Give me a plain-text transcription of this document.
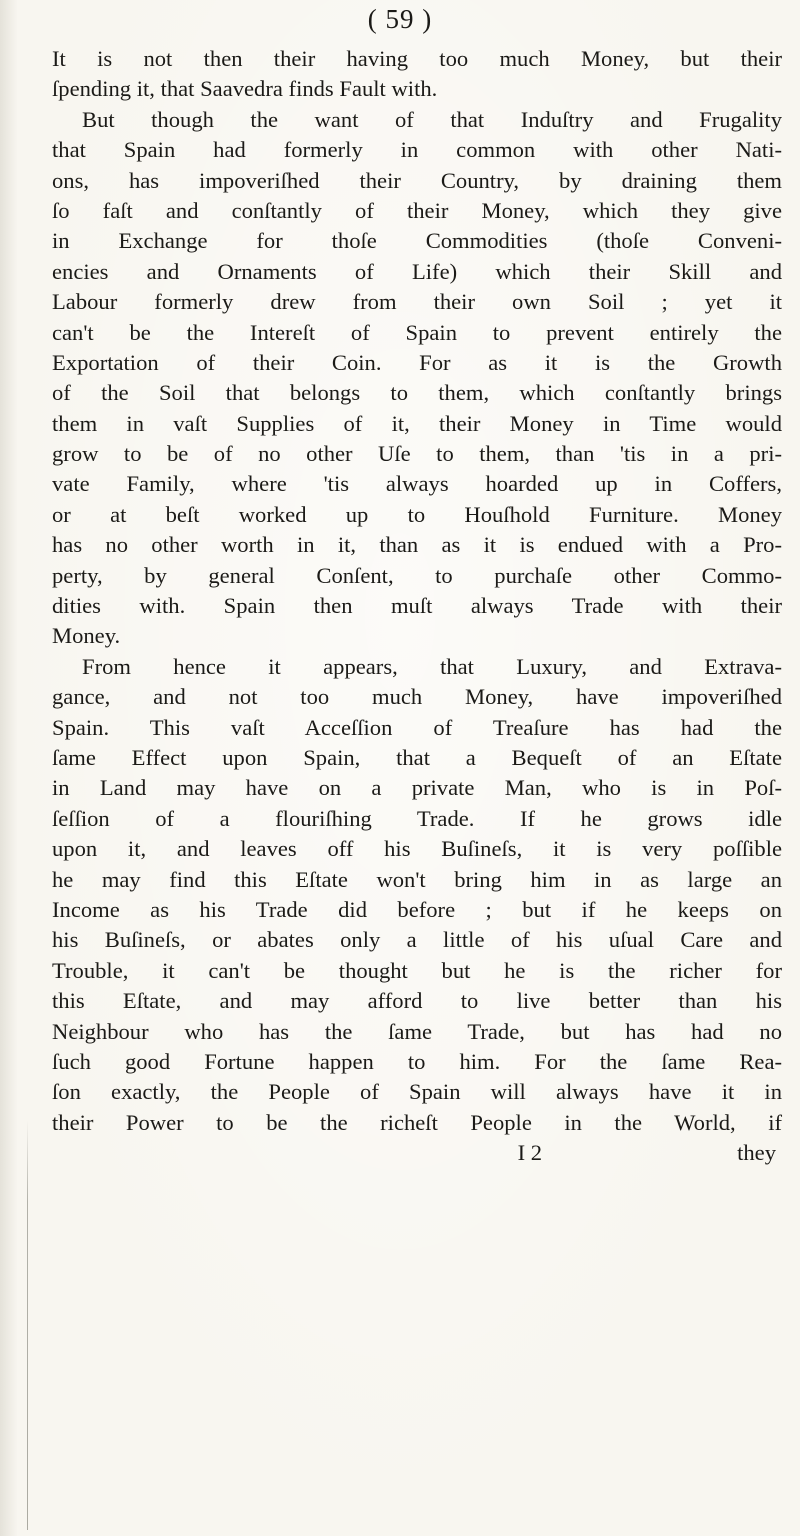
( 59 )
It is not then their having too much Money, but their
ſpending it, that Saavedra finds Fault with.
But though the want of that Induſtry and Frugality
that Spain had formerly in common with other Nati-
ons, has impoveriſhed their Country, by draining them
ſo faſt and conſtantly of their Money, which they give
in Exchange for thoſe Commodities (thoſe Conveni-
encies and Ornaments of Life) which their Skill and
Labour formerly drew from their own Soil ; yet it
can't be the Intereſt of Spain to prevent entirely the
Exportation of their Coin. For as it is the Growth
of the Soil that belongs to them, which conſtantly brings
them in vaſt Supplies of it, their Money in Time would
grow to be of no other Uſe to them, than 'tis in a pri-
vate Family, where 'tis always hoarded up in Coffers,
or at beſt worked up to Houſhold Furniture. Money
has no other worth in it, than as it is endued with a Pro-
perty, by general Conſent, to purchaſe other Commo-
dities with. Spain then muſt always Trade with their
Money.
From hence it appears, that Luxury, and Extrava-
gance, and not too much Money, have impoveriſhed
Spain. This vaſt Acceſſion of Treaſure has had the
ſame Effect upon Spain, that a Bequeſt of an Eſtate
in Land may have on a private Man, who is in Poſ-
ſeſſion of a flouriſhing Trade. If he grows idle
upon it, and leaves off his Buſineſs, it is very poſſible
he may find this Eſtate won't bring him in as large an
Income as his Trade did before ; but if he keeps on
his Buſineſs, or abates only a little of his uſual Care and
Trouble, it can't be thought but he is the richer for
this Eſtate, and may afford to live better than his
Neighbour who has the ſame Trade, but has had no
ſuch good Fortune happen to him. For the ſame Rea-
ſon exactly, the People of Spain will always have it in
their Power to be the richeſt People in the World, if
I 2	they
